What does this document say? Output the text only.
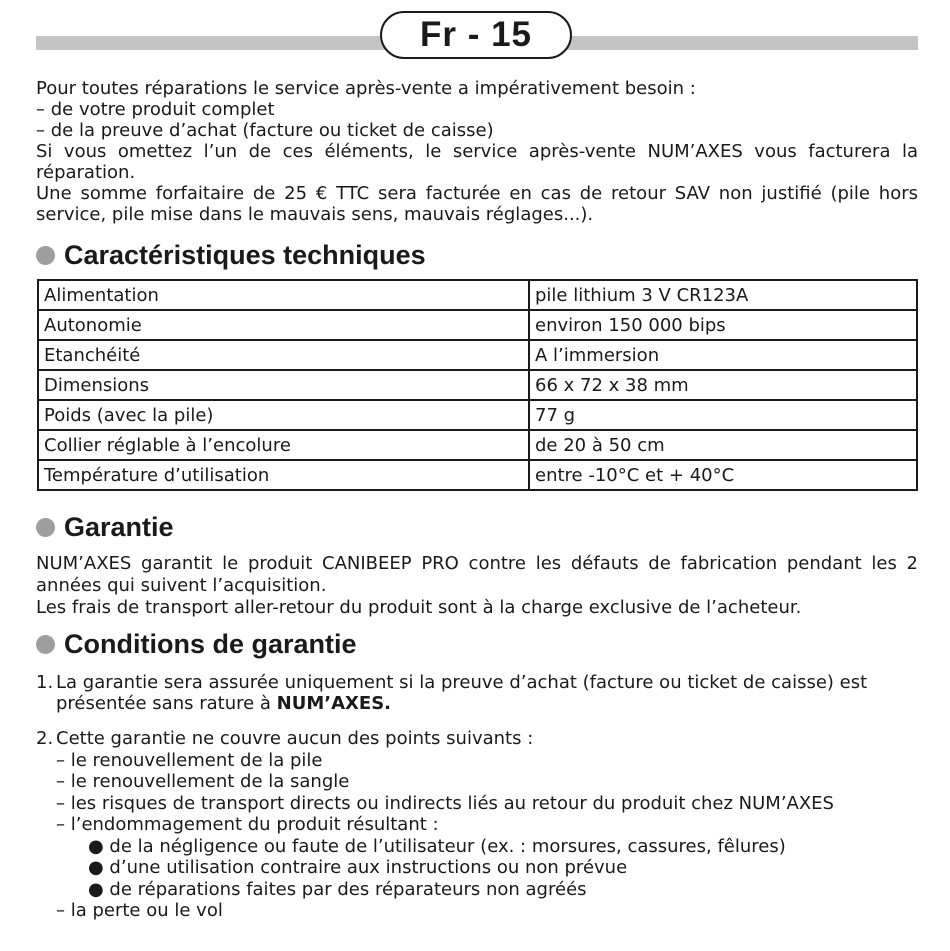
Fr - 15
Pour toutes réparations le service après-vente a impérativement besoin :
– de votre produit complet
– de la preuve d’achat (facture ou ticket de caisse)
Si vous omettez l’un de ces éléments, le service après-vente NUM’AXES vous facturera la
réparation.
Une somme forfaitaire de 25 € TTC sera facturée en cas de retour SAV non justifié (pile hors
service, pile mise dans le mauvais sens, mauvais réglages...).
Caractéristiques techniques
Alimentation	pile lithium 3 V CR123A
Autonomie	environ 150 000 bips
Etanchéité	A l’immersion
Dimensions	66 x 72 x 38 mm
Poids (avec la pile)	77 g
Collier réglable à l’encolure	de 20 à 50 cm
Température d’utilisation	entre -10°C et + 40°C
Garantie
NUM’AXES garantit le produit CANIBEEP PRO contre les défauts de fabrication pendant les 2
années qui suivent l’acquisition.
Les frais de transport aller-retour du produit sont à la charge exclusive de l’acheteur.
Conditions de garantie
1. La garantie sera assurée uniquement si la preuve d’achat (facture ou ticket de caisse) est
présentée sans rature à NUM’AXES.
2. Cette garantie ne couvre aucun des points suivants :
– le renouvellement de la pile
– le renouvellement de la sangle
– les risques de transport directs ou indirects liés au retour du produit chez NUM’AXES
– l’endommagement du produit résultant :
● de la négligence ou faute de l’utilisateur (ex. : morsures, cassures, fêlures)
● d’une utilisation contraire aux instructions ou non prévue
● de réparations faites par des réparateurs non agréés
– la perte ou le vol
